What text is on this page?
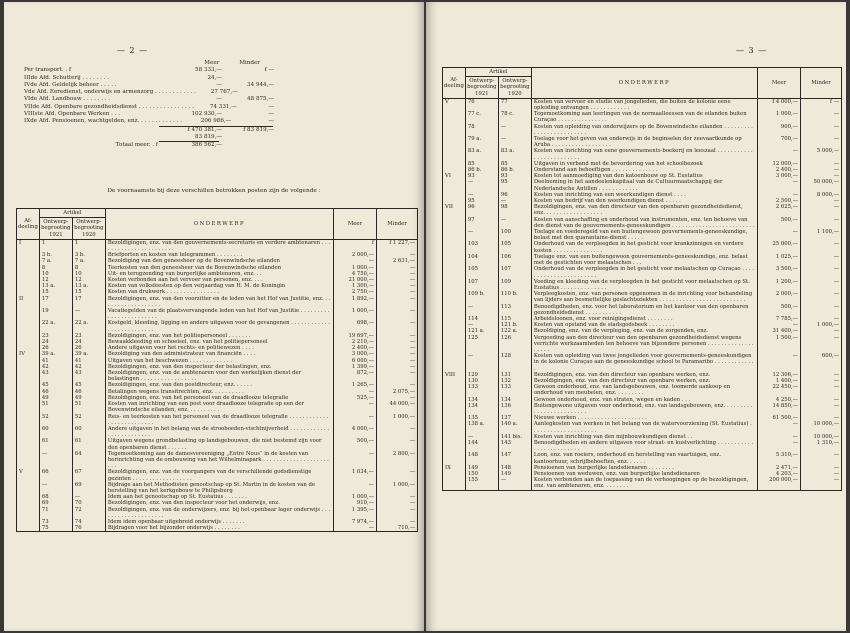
— 2 —
Meer	Minder
Per transport. . f	58 333,—	f —
IIIde Afd. Schutterij . . . . . . . .	24,—
IVde Afd. Geldelijk beheer . . . . .	—	34 944,—
Vde Afd. Eeredienst, onderwijs en armenzorg . . . . . . . . . . . .	27 767,—
VIde Afd. Landbouw . . . . . . . .	—	48 875,—
VIIde Afd. Openbare gezondheidsdienst . . . . . . . . . . . . . . . .	74 331,—	—
VIIIste Afd. Openbare Werken . . .	102 930,—	—
IXde Afd. Pensioenen, wachtgelden, enz. . . . . . . . . . . . .	206 986,—	—
f 470 381,—	f 83 819,—
83 819,—
Totaal meer. . f	386 562,—
De voornaamste bij deze verschillen betrokken posten zijn de volgende :
Af-deeling	Artikel		ONDERWERP	Meer	Minder
	Ontwerp-begrooting 1921	Ontwerp-begrooting 1920			
I	1	1	Bezoldigingen, enz. van den gouvernements-secretaris en verdere ambtenaren . . . . . . . . . . . . . . . . . . . . . . .	f	f 1 227,—
	3 b.	3 b.	Briefporten en kosten van telegrammen . . . . . . . .	2 000,—	—
	7 a.	7 a.	Bezoldiging van den geneesheer op de Bovenwindsche eilanden	—	2 631,—
	8	8	Teerkosten van den geneesheer van de Bovenwindsche eilanden	1 000,—	—
	10	10	Uit- en terugzending van burgerlijke ambtenaren, enz. . .	4 750,—	—
	12	12	Kosten verbonden aan het vervoer van personen, enz. . . .	21 000,—	—
	13 a.	13 a.	Kosten van volksfeesten op den verjaardag van H. M. de Koningin	1 300,—	—
	15	15	Kosten van drukwerk . . . . . . . . . . . . . . . .	2 750,—	—
II	17	17	Bezoldigingen, enz. van den voorzitter en de leden van het Hof van Justitie, enz. . . . . . . . . . . . . . . . . . .	1 892,—	—
	19	—	Vacatiegelden van de plaatsvervangende leden van het Hof van Justitie . . . . . . . . . . . . . . . . . . . . . . . .	1 000,—	—
	22 a.	22 a.	Kostgeld, kleeding, ligging en andere uitgaven voor de gevangenen . . . . . . . . . . . . . . . . . . . . . . . . . .	698,—	—
	23	23	Bezoldigingen, enz. van het politiepersoneel . . . . . . .	19 697,—	—
	24	24	Bewaakkleeding en schoeisel, enz. van het politiepersoneel	2 210,—	—
	26	26	Andere uitgaven voor het rechts- en politiewezen . . . .	2 400,—	—
IV	39 a.	39 a.	Bezoldiging van den administrateur van financiën . . . .	3 000,—	—
	41	41	Uitgaven van het beschwezen . . . . . . . . . . . . .	6 000,—	—
	42	42	Bezoldigingen, enz. van den inspecteur der belastingen, enz.	1 399,—	—
	43	43	Bezoldigingen, enz. van de ambtenaren voor den werkelijken dienst der belastingen . . . . . . . . . . . . . . . . .	872,—	—
	45	45	Bezoldigingen, enz. van den postdirecteur, enz. . . . . .	1 265,—	—
	46	46	Betalingen wegens transitrechten, enz. . . . . . . . . .	—	2 075,—
	49	49	Bezoldigingen, enz. van het personeel van de draadlooze telegrafie	525,—	—
	51	51	Kosten van inrichting van een post voor draadlooze telegrafie op een der Bovenwindsche eilanden, enz. . . . . . . . . .	—	44 000,—
	52	52	Reis- en teerkosten van het personeel van de draadlooze telegrafie . . . . . . . . . . . . . . . . . . . . . . . . . .	—	1 000,—
	60	60	Andere uitgaven in het belang van de strooboeden-vischtnijverheid . . . . . . . . . . . . . . . . . . . . . . . . .	4 000,—	—
	61	61	Uitgaven wegens grondbelasting op landsgebouwen, die niet bestemd zijn voor den openbaren dienst . . . . . .	500,—	—
	—	64	Tegemoetkoming aan de damesvereeniging „Entre Nous” in de kosten van herinrichting van de ombouwing van het Wilhelminapark . . . . . . . . . . . . . . . . . . . . . . .	—	2 800,—
V	66	67	Bezoldigingen, enz. van de voorgangers van de verschillende godsdienstige gezinten . . . . . . . . . . . . . . . . . .	1 034,—	—
	—	69	Bijdrage aan het Methodisten genootschap op St. Martin in de kosten van de herstelling van het kerkgebouw te Philipsburg	—	1 000,—
	68	—	Idem aan het genootschap op St. Eustatius . . . . . . .	1 000,—	—
	69	70	Bezoldigingen, enz. van den inspecteur voor het onderwijs, enz.	910,—	—
	71	72	Bezoldigingen, enz. van de onderwijzers, enz. bij het openbaar lager onderwijs . . . . . . . . . . . . . . . . . . . .	1 395,—	—
	73	74	Idem idem openbaar uitgebreid onderwijs . . . . . . .	7 974,—	—
	75	76	Bijdragen voor het bijzonder onderwijs . . . . . . . .	—	710,—
— 3 —
Af-deeling	Artikel		ONDERWERP	Meer	Minder
	Ontwerp-begrooting 1921	Ontwerp-begrooting 1920			
V	76	77	Kosten van vervoer en studie van jongelieden, die buiten de kolonie eene opleiding ontvangen . . . . . . . . . . . .	f 4 000,—	f —
	77 c.	78 c.	Tegemoetkoming aan leerlingen van de normaalleessen van de eilanden buiten Curaçao . . . . . . . . . . . . . . .	1 000,—	—
	78	—	Kosten van opleiding van onderwijzers op de Bovenwindsche eilanden . . . . . . . . . . . . . . . . . . . . . . . . .	900,—	—
	79 a.	—	Toelage voor het geven van onderwijs in de beginselen der zeevaartkunde op Aruba . . . . . . . . . . . . . . . . . .	700,—	—
	83 a.	83 a.	Kosten van inrichting van eene gouvernements-boekerij en leeszaal . . . . . . . . . . . . . . . . . . . . . . . . .	—	5 000,—
	85	85	Uitgaven in verband met de bevordering van het schoolbezoek	12 000,—	—
	86 b.	86 b.	Onderstand aan behoeftigen . . . . . . . . . . . . . .	2 400,—	—
VI	93	93	Kosten tot aanmoediging van den katoenbouw op St. Eustatius	3 000,—	—
	—	95	Deelneming in het aandeelenkapitaal van de Cultuurmaatschappij der Nederlandsche Antillen . . . . . . . . . . . .	—	50 000,—
	—	96	Kosten van inrichting van een weerkundigen dienst . . . .	—	8 000,—
	95	—	Kosten van bedrijf van den weerkundigen dienst . . . . .	2 500,—	—
VII	96	98	Bezoldigingen, enz. van den directeur van den openbaren gezondheidsdienst, enz. . . . . . . . . . . . . . . . . .	2 625,—	—
	97	—	Kosten van aanschaffing en onderhoud van instrumenten, enz. ten behoeve van den dienst van de gouvernements-geneeskundigen . . . . . . . . . . . . . . . . . . . . . . . . .	500,—	—
	—	100	Toelage en voederegeld van een buitengewoon gouvernements-geneeskundige, belast met den quarantaine-dienst . . . . .	—	1 100,—
	103	105	Onderhoud van de verpleegden in het gesticht voor krankzinnigen en verdere kosten . . . . . . . . . . . . . . .	25 000,—	—
	104	106	Toelage enz. van een buitengewoon gouvernements-geneeskundige, enz. belast met de gestichten voor melaatschen . . .	1 025,—	—
	105	107	Onderhoud van de verpleegden in het gesticht voor melaatschen op Curaçao . . . . . . . . . . . . . . . . . . . . . . .	3 500,—	—
	107	109	Voeding en kleeding van de verpleegden in het gesticht voor melaatschen op St. Eustatius . . . . . . . . . . . . . .	1 200,—	—
	109 b.	110 b.	Verpleegkosten, enz. van personen opgenomen in de inrichting voor behandeling van lijders aan besmettelijke geslachtsziekten . . . . . . . . . . . . . . . . . . . . . . . . . .	2 000,—	—
	—	113	Benoodigdheden, enz. voor het laboratorium en het kantoor van den openbaren gezondheidsdienst . . . . . . . . . . .	500,—	—
	114	115	Arbeidsloonen, enz. voor reinigingsdienst . . . . . . . .	7 785,—	—
	—	121 b.	Kosten van opstand van de stadsgodsbeek . . . . . . . .	—	1 000,—
	121 a.	122 a.	Bezoldiging, enz. van de verpleging, enz. van de zorgenden, enz.	31 400,—	—
	125	126	Vergoeding aan den directeur van den openbaren gezondheidsdienst wegens verrichte werkzaamheden ten behoeve van bijzondere personen . . . . . . . . . . . . . . . . . . .	1 500,—	—
	—	128	Kosten van opleiding van twee jongelieden voor gouvernements-geneeskundigen in de kolonie Curaçao aan de geneeskundige school te Paramaribo . . . . . . . . . . . . .	—	600,—
VIII	129	131	Bezoldigingen, enz. van den directeur van openbare werken, enz.	12 306,—	—
	130	132	Bezoldigingen, enz. van den directeur van openbare werken, enz.	1 400,—	—
	133	133	Gewoon onderhoud, enz. van landsgebouwen, enz. toomerde aankoop en onderhoud van meubelen, enz. . . . . . . . .	22 450,—	—
	134	134	Gewoon onderhoud, enz. van straten, wegen en kaden . . .	4 250,—	—
	134	136	Buitengewone uitgaven voor onderhoud, enz. van landsgebouwen, enz. . . . . . . . . . . . . . . . . . . . . . . . .	14 850,—	—
	135	137	Nieuwe werken . . . . . . . . . . . . . . . . . . . . .	61 500,—	—
	138 a.	140 a.	Aanlegkosten van werken in het belang van de watervoorziening (St. Eustatius) . . . . . . . . . . . . . . . . . . . .	—	10 000,—
	—	141 bis.	Kosten van inrichting van den mijnbouwkundigen dienst . .	—	10 000,—
	144	143	Benoodigdheden en andere uitgaven voor straat- en kustverlichting . . . . . . . . . . . . . . . . . . . . . . . . .	—	1 310,—
	148	147	Loon, enz. van roeiers, onderhoud en herstelling van vaartuigen, enz. kantoorhuur, schrijfbehoeften, enz. . . . . .	5 310,—	—
IX	149	148	Pensioenen van burgerlijke landsdienaren . . . . . . . .	2 471,—	—
	150	149	Pensioenen van weduwen, enz. van burgerlijke landsdienaren	4 203,—	—
	155	—	Kosten verbonden aan de toepassing van de verhoogingen op de bezoldigingen, enz. van ambtenaren, enz. . . . . . . .	200 000,—	—
